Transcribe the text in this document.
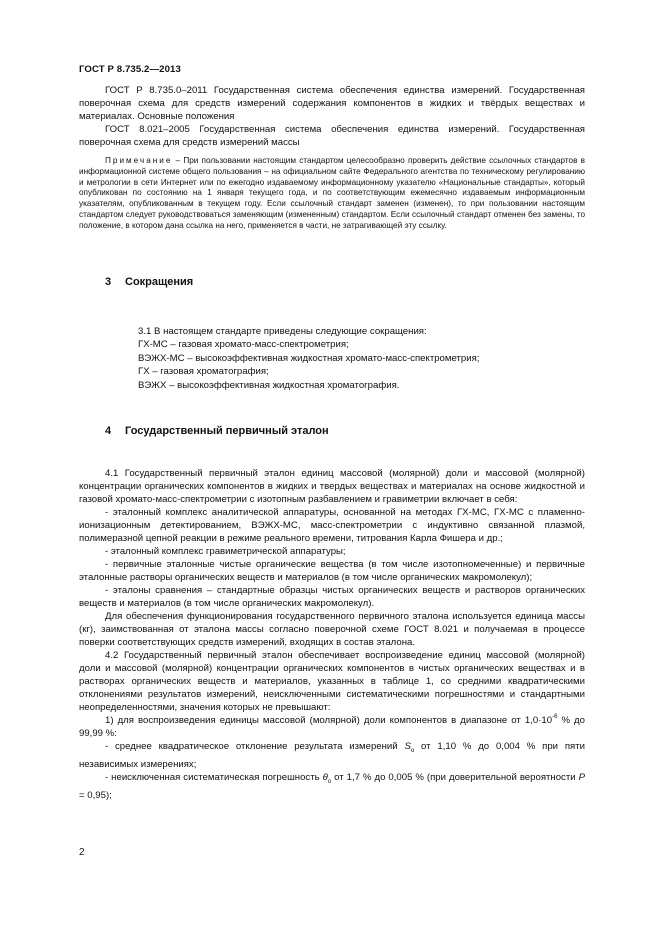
ГОСТ Р 8.735.2—2013

ГОСТ Р 8.735.0–2011 Государственная система обеспечения единства измерений. Государственная поверочная схема для средств измерений содержания компонентов в жидких и твёрдых веществах и материалах. Основные положения

ГОСТ 8.021–2005 Государственная система обеспечения единства измерений. Государственная поверочная схема для средств измерений массы

Примечание – При пользовании настоящим стандартом целесообразно проверить действие ссылочных стандартов в информационной системе общего пользования – на официальном сайте Федерального агентства по техническому регулированию и метрологии в сети Интернет или по ежегодно издаваемому информационному указателю «Национальные стандарты», который опубликован по состоянию на 1 января текущего года, и по соответствующим ежемесячно издаваемым информационным указателям, опубликованным в текущем году. Если ссылочный стандарт заменен (изменен), то при пользовании настоящим стандартом следует руководствоваться заменяющим (измененным) стандартом. Если ссылочный стандарт отменен без замены, то положение, в котором дана ссылка на него, применяется в части, не затрагивающей эту ссылку.

3 Сокращения
3.1 В настоящем стандарте приведены следующие сокращения:
ГХ-МС – газовая хромато-масс-спектрометрия;
ВЭЖХ-МС – высокоэффективная жидкостная хромато-масс-спектрометрия;
ГХ – газовая хроматография;
ВЭЖХ – высокоэффективная жидкостная хроматография.
4 Государственный первичный эталон

4.1 Государственный первичный эталон единиц массовой (молярной) доли и массовой (молярной) концентрации органических компонентов в жидких и твердых веществах и материалах на основе жидкостной и газовой хромато-масс-спектрометрии с изотопным разбавлением и гравиметрии включает в себя:

- эталонный комплекс аналитической аппаратуры, основанной на методах ГХ-МС, ГХ-МС с пламенно-ионизационным детектированием, ВЭЖХ-МС, масс-спектрометрии с индуктивно связанной плазмой, полимеразной цепной реакции в режиме реального времени, титрования Карла Фишера и др.;

- эталонный комплекс гравиметрической аппаратуры;

- первичные эталонные чистые органические вещества (в том числе изотопномеченные) и первичные эталонные растворы органических веществ и материалов (в том числе органических макромолекул);

- эталоны сравнения – стандартные образцы чистых органических веществ и растворов органических веществ и материалов (в том числе органических макромолекул).

Для обеспечения функционирования государственного первичного эталона используется единица массы (кг), заимствованная от эталона массы согласно поверочной схеме ГОСТ 8.021 и получаемая в процессе поверки соответствующих средств измерений, входящих в состав эталона.

4.2 Государственный первичный эталон обеспечивает воспроизведение единиц массовой (молярной) доли и массовой (молярной) концентрации органических компонентов в чистых органических веществах и в растворах органических веществ и материалов, указанных в таблице 1, со средними квадратическими отклонениями результатов измерений, неисключенными систематическими погрешностями и стандартными неопределенностями, значения которых не превышают:

1) для воспроизведения единицы массовой (молярной) доли компонентов в диапазоне от $1,0\cdot 10^{-6}$ % до 99,99 %:

- среднее квадратическое отклонение результата измерений $S_o$ от 1,10 % до 0,004 % при пяти независимых измерениях;

- неисключенная систематическая погрешность $\theta_o$ от 1,7 % до 0,005 % (при доверительной вероятности P = 0,95);

2
